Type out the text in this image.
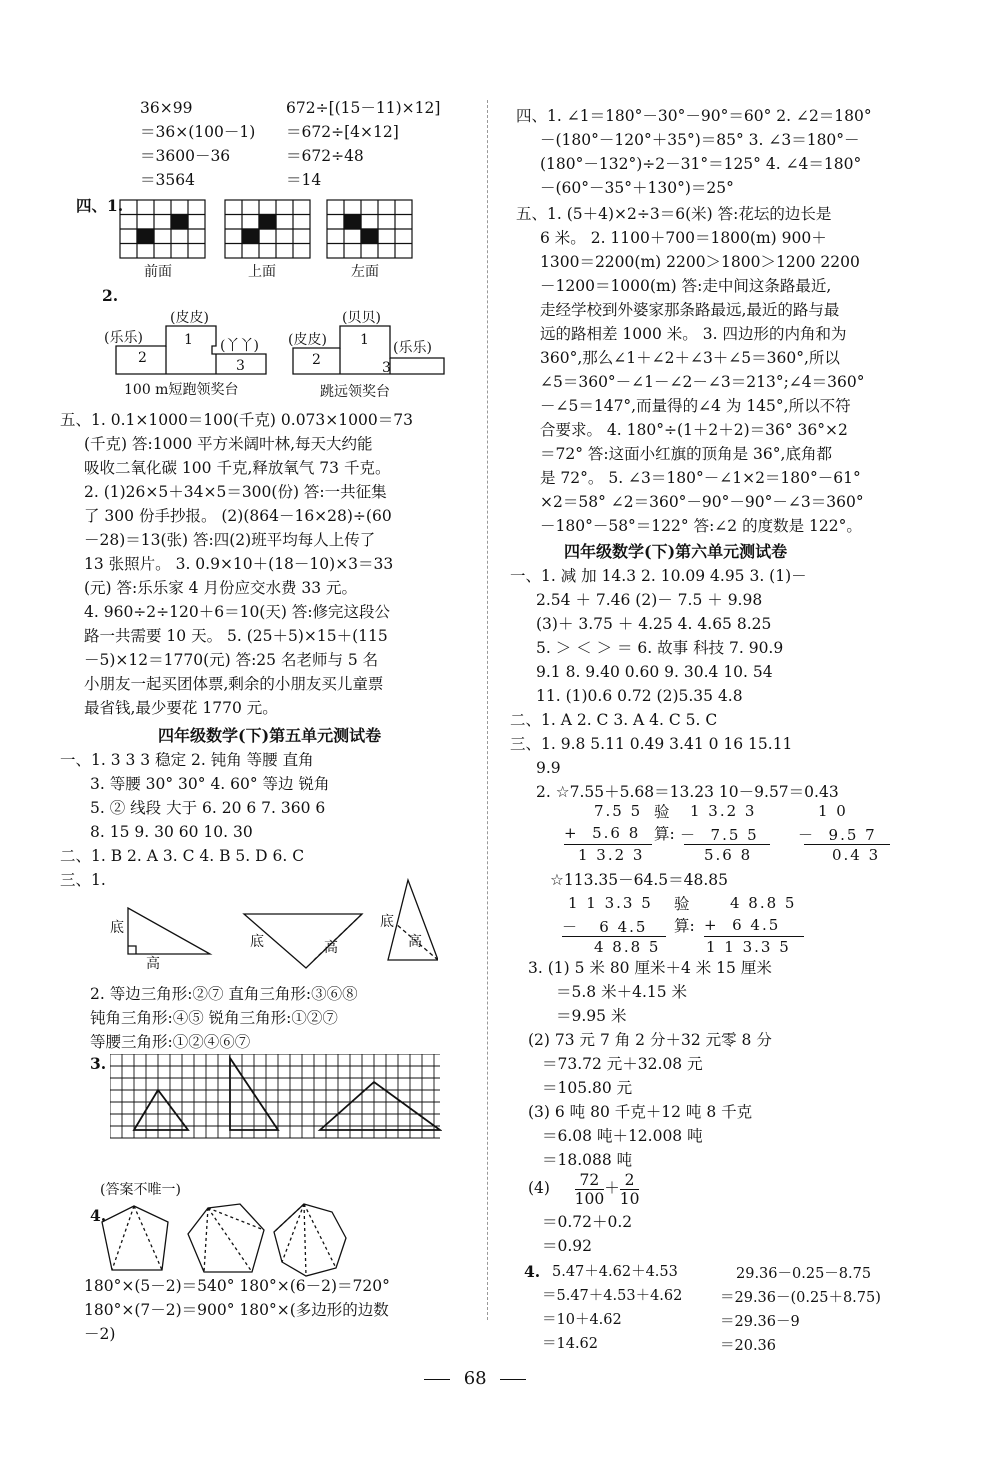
36×99
＝36×(100－1)
＝3600－36
＝3564
672÷[(15－11)×12]
＝672÷[4×12]
＝672÷48
＝14
四、1.
前面	上面	左面
2.
(皮皮)
(乐乐)	(丫丫)
1
2	3
100 m短跑领奖台
(贝贝)
(皮皮)	(乐乐)
1
2	3
跳远领奖台
五、1. 0.1×1000＝100(千克) 0.073×1000＝73
(千克) 答:1000 平方米阔叶林,每天大约能
吸收二氧化碳 100 千克,释放氧气 73 千克。
2. (1)26×5＋34×5＝300(份) 答:一共征集
了 300 份手抄报。 (2)(864－16×28)÷(60
－28)＝13(张) 答:四(2)班平均每人上传了
13 张照片。 3. 0.9×10＋(18－10)×3＝33
(元) 答:乐乐家 4 月份应交水费 33 元。
4. 960÷2÷120＋6＝10(天) 答:修完这段公
路一共需要 10 天。 5. (25＋5)×15＋(115
－5)×12＝1770(元) 答:25 名老师与 5 名
小朋友一起买团体票,剩余的小朋友买儿童票
最省钱,最少要花 1770 元。
四年级数学(下)第五单元测试卷
一、1. 3 3 3 稳定 2. 钝角 等腰 直角
3. 等腰 30° 30° 4. 60° 等边 锐角
5. ② 线段 大于 6. 20 6 7. 360 6
8. 15 9. 30 60 10. 30
二、1. B 2. A 3. C 4. B 5. D 6. C
三、1.
底
高
底	高
底
高
2. 等边三角形:②⑦ 直角三角形:③⑥⑧
钝角三角形:④⑤ 锐角三角形:①②⑦
等腰三角形:①②④⑥⑦
3.
(答案不唯一)
4.
180°×(5－2)＝540° 180°×(6－2)＝720°
180°×(7－2)＝900° 180°×(多边形的边数
－2)
四、1. ∠1＝180°－30°－90°＝60° 2. ∠2＝180°
－(180°－120°＋35°)＝85° 3. ∠3＝180°－
(180°－132°)÷2－31°＝125° 4. ∠4＝180°
－(60°－35°＋130°)＝25°
五、1. (5＋4)×2÷3＝6(米) 答:花坛的边长是
6 米。 2. 1100＋700＝1800(m) 900＋
1300＝2200(m) 2200＞1800＞1200 2200
－1200＝1000(m) 答:走中间这条路最近,
走经学校到外婆家那条路最远,最近的路与最
远的路相差 1000 米。 3. 四边形的内角和为
360°,那么∠1＋∠2＋∠3＋∠5＝360°,所以
∠5＝360°－∠1－∠2－∠3＝213°;∠4＝360°
－∠5＝147°,而量得的∠4 为 145°,所以不符
合要求。 4. 180°÷(1＋2＋2)＝36° 36°×2
＝72° 答:这面小红旗的顶角是 36°,底角都
是 72°。 5. ∠3＝180°－∠1×2＝180°－61°
×2＝58° ∠2＝360°－90°－90°－∠3＝360°
－180°－58°＝122° 答:∠2 的度数是 122°。
四年级数学(下)第六单元测试卷
一、1. 减 加 14.3 2. 10.09 4.95 3. (1)－
2.54 ＋ 7.46 (2)－ 7.5 ＋ 9.98
(3)＋ 3.75 ＋ 4.25 4. 4.65 8.25
5. ＞ ＜ ＞ ＝ 6. 故事 科技 7. 90.9
9.1 8. 9.40 0.60 9. 30.4 10. 54
11. (1)0.6 0.72 (2)5.35 4.8
二、1. A 2. C 3. A 4. C 5. C
三、1. 9.8 5.11 0.49 3.41 0 16 15.11
9.9
2. ☆7.55＋5.68＝13.23 10－9.57＝0.43
7.5 5
+  5.6 8
1 3.2 3
验
算:
1 3.2 3
－  7.5 5
5.6 8
1 0
－  9.5 7
0.4 3
☆113.35－64.5＝48.85
1 1 3.3 5
－   6 4.5
4 8.8 5
验
算:
4 8.8 5
+  6 4.5
1 1 3.3 5
3. (1) 5 米 80 厘米＋4 米 15 厘米
＝5.8 米＋4.15 米
＝9.95 米
(2) 73 元 7 角 2 分＋32 元零 8 分
＝73.72 元＋32.08 元
＝105.80 元
(3) 6 吨 80 千克＋12 吨 8 千克
＝6.08 吨＋12.008 吨
＝18.088 吨
$(4) \frac{72}{100} + \frac{2}{10}$
＝0.72＋0.2
＝0.92
4. 5.47＋4.62＋4.53
＝5.47＋4.53＋4.62
＝10＋4.62
＝14.62
29.36－0.25－8.75
＝29.36－(0.25＋8.75)
＝29.36－9
＝20.36
68
